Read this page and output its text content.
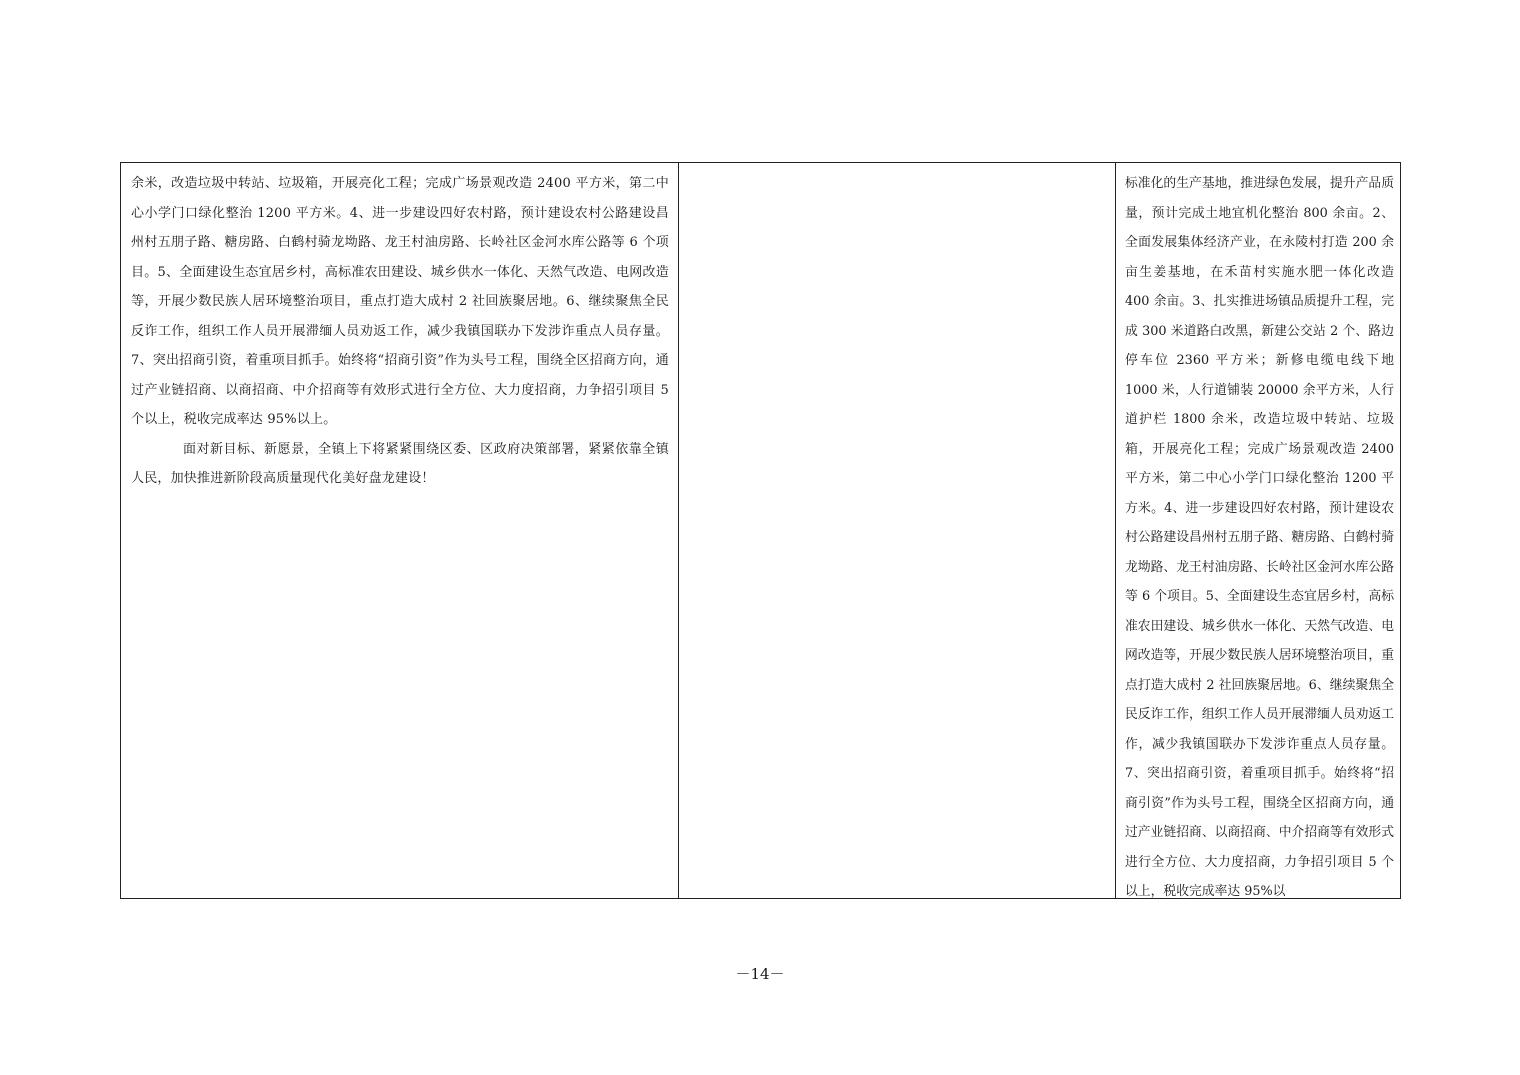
余米，改造垃圾中转站、垃圾箱，开展亮化工程；完成广场景观改造 2400 平方米，第二中心小学门口绿化整治 1200 平方米。4、进一步建设四好农村路，预计建设农村公路建设昌州村五朋子路、糖房路、白鹤村骑龙坳路、龙王村油房路、长岭社区金河水库公路等 6 个项目。5、全面建设生态宜居乡村，高标准农田建设、城乡供水一体化、天然气改造、电网改造等，开展少数民族人居环境整治项目，重点打造大成村 2 社回族聚居地。6、继续聚焦全民反诈工作，组织工作人员开展滞缅人员劝返工作，减少我镇国联办下发涉诈重点人员存量。7、突出招商引资，着重项目抓手。始终将“招商引资”作为头号工程，围绕全区招商方向，通过产业链招商、以商招商、中介招商等有效形式进行全方位、大力度招商，力争招引项目 5 个以上，税收完成率达 95%以上。

面对新目标、新愿景，全镇上下将紧紧围绕区委、区政府决策部署，紧紧依靠全镇人民，加快推进新阶段高质量现代化美好盘龙建设！

标准化的生产基地，推进绿色发展，提升产品质量，预计完成土地宜机化整治 800 余亩。2、全面发展集体经济产业，在永陵村打造 200 余亩生姜基地，在禾苗村实施水肥一体化改造 400 余亩。3、扎实推进场镇品质提升工程，完成 300 米道路白改黑，新建公交站 2 个、路边停车位 2360 平方米；新修电缆电线下地 1000 米，人行道铺装 20000 余平方米，人行道护栏 1800 余米，改造垃圾中转站、垃圾箱，开展亮化工程；完成广场景观改造 2400 平方米，第二中心小学门口绿化整治 1200 平方米。4、进一步建设四好农村路，预计建设农村公路建设昌州村五朋子路、糖房路、白鹤村骑龙坳路、龙王村油房路、长岭社区金河水库公路等 6 个项目。5、全面建设生态宜居乡村，高标准农田建设、城乡供水一体化、天然气改造、电网改造等，开展少数民族人居环境整治项目，重点打造大成村 2 社回族聚居地。6、继续聚焦全民反诈工作，组织工作人员开展滞缅人员劝返工作，减少我镇国联办下发涉诈重点人员存量。7、突出招商引资，着重项目抓手。始终将“招商引资”作为头号工程，围绕全区招商方向，通过产业链招商、以商招商、中介招商等有效形式进行全方位、大力度招商，力争招引项目 5 个以上，税收完成率达 95%以

－14－
